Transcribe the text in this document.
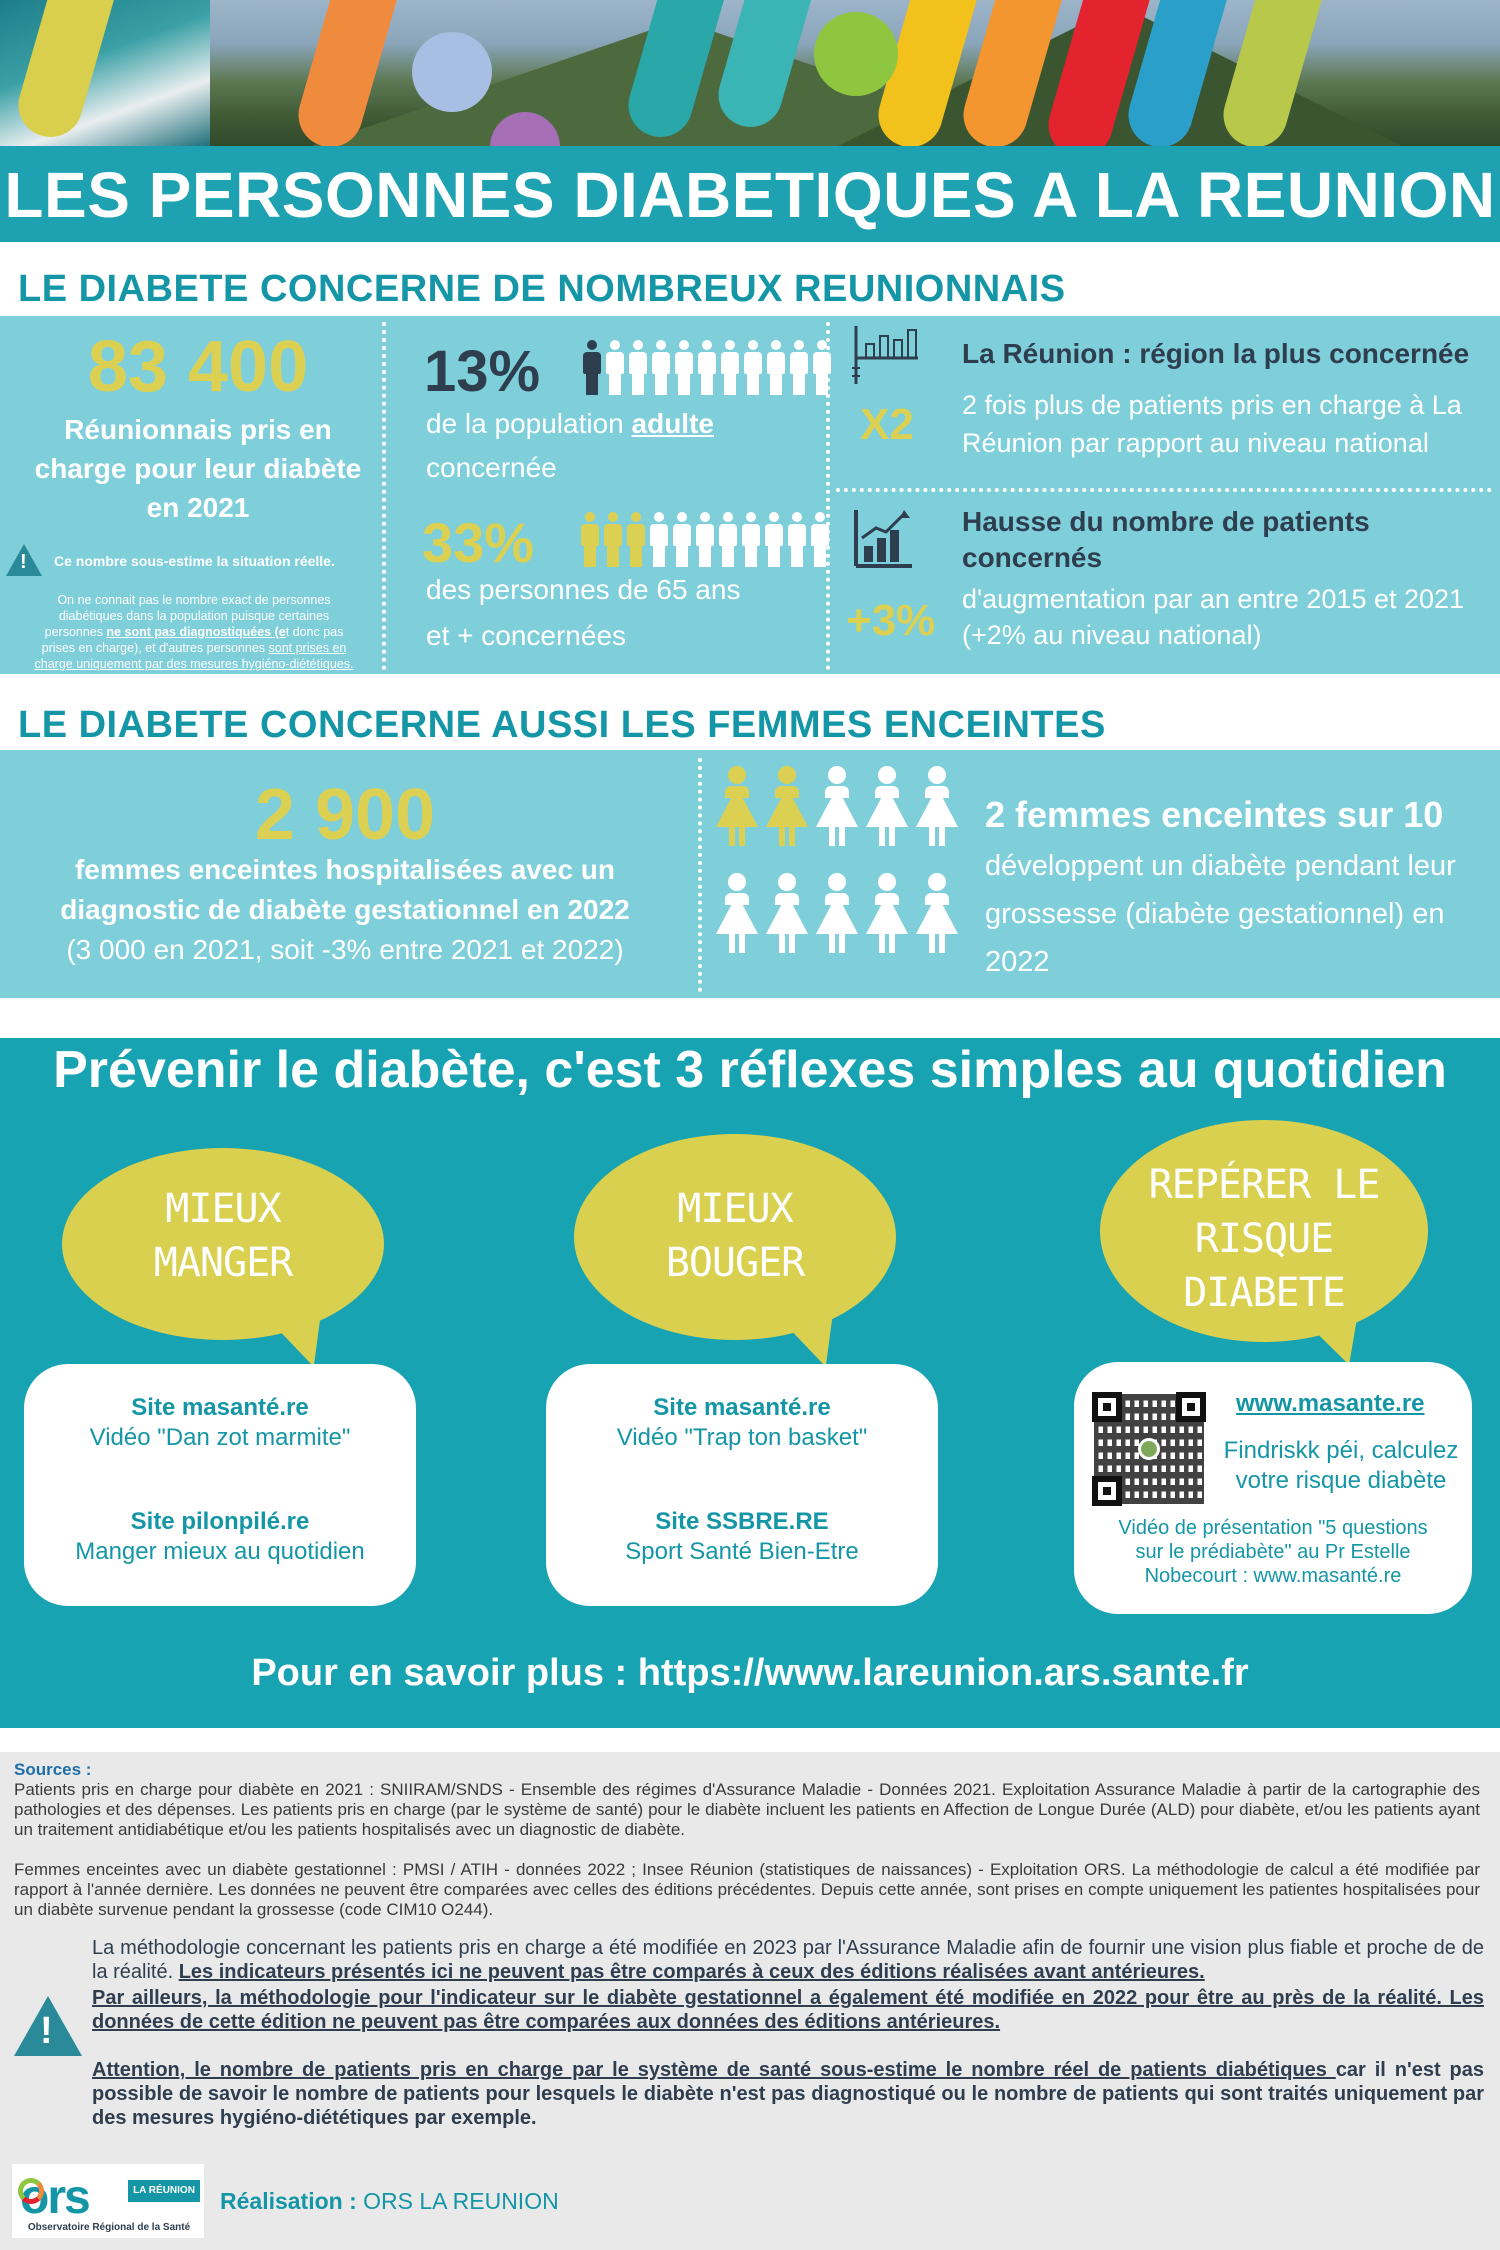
LES PERSONNES DIABETIQUES A LA REUNION
LE DIABETE CONCERNE DE NOMBREUX REUNIONNAIS
83 400
Réunionnais pris en
charge pour leur diabète
en 2021
! Ce nombre sous-estime la situation réelle.
On ne connait pas le nombre exact de personnes
diabétiques dans la population puisque certaines
personnes ne sont pas diagnostiquées (et donc pas
prises en charge), et d'autres personnes sont prises en
charge uniquement par des mesures hygiéno-diététiques.
13%
de la population adulte
concernée
33%
des personnes de 65 ans
et + concernées
X2
La Réunion : région la plus concernée
2 fois plus de patients pris en charge à La
Réunion par rapport au niveau national
+3%
Hausse du nombre de patients
concernés
d'augmentation par an entre 2015 et 2021
(+2% au niveau national)
LE DIABETE CONCERNE AUSSI LES FEMMES ENCEINTES
2 900
femmes enceintes hospitalisées avec un
diagnostic de diabète gestationnel en 2022
(3 000 en 2021, soit -3% entre 2021 et 2022)
2 femmes enceintes sur 10
développent un diabète pendant leur
grossesse (diabète gestationnel) en
2022
Prévenir le diabète, c'est 3 réflexes simples au quotidien
MIEUX
MANGER
MIEUX
BOUGER
REPÉRER LE
RISQUE
DIABETE
Site masanté.re
Vidéo "Dan zot marmite"
Site pilonpilé.re
Manger mieux au quotidien
Site masanté.re
Vidéo "Trap ton basket"
Site SSBRE.RE
Sport Santé Bien-Etre
www.masante.re
Findriskk péi, calculez
votre risque diabète
Vidéo de présentation "5 questions
sur le prédiabète" au Pr Estelle
Nobecourt : www.masanté.re
Pour en savoir plus : https://www.lareunion.ars.sante.fr
Sources :
Patients pris en charge pour diabète en 2021 : SNIIRAM/SNDS - Ensemble des régimes d'Assurance Maladie - Données 2021. Exploitation Assurance Maladie à partir de la cartographie des pathologies et des dépenses. Les patients pris en charge (par le système de santé) pour le diabète incluent les patients en Affection de Longue Durée (ALD) pour diabète, et/ou les patients ayant un traitement antidiabétique et/ou les patients hospitalisés avec un diagnostic de diabète.
Femmes enceintes avec un diabète gestationnel : PMSI / ATIH - données 2022 ; Insee Réunion (statistiques de naissances) - Exploitation ORS. La méthodologie de calcul a été modifiée par rapport à l'année dernière. Les données ne peuvent être comparées avec celles des éditions précédentes. Depuis cette année, sont prises en compte uniquement les patientes hospitalisées pour un diabète survenue pendant la grossesse (code CIM10 O244).
!
La méthodologie concernant les patients pris en charge a été modifiée en 2023 par l'Assurance Maladie afin de fournir une vision plus fiable et proche de de la réalité. Les indicateurs présentés ici ne peuvent pas être comparés à ceux des éditions réalisées avant antérieures.
Par ailleurs, la méthodologie pour l'indicateur sur le diabète gestationnel a également été modifiée en 2022 pour être au près de la réalité. Les données de cette édition ne peuvent pas être comparées aux données des éditions antérieures.
Attention, le nombre de patients pris en charge par le système de santé sous-estime le nombre réel de patients diabétiques car il n'est pas possible de savoir le nombre de patients pour lesquels le diabète n'est pas diagnostiqué ou le nombre de patients qui sont traités uniquement par des mesures hygiéno-diététiques par exemple.
ors	LA RÉUNION
Observatoire Régional de la Santé
Réalisation : ORS LA REUNION
